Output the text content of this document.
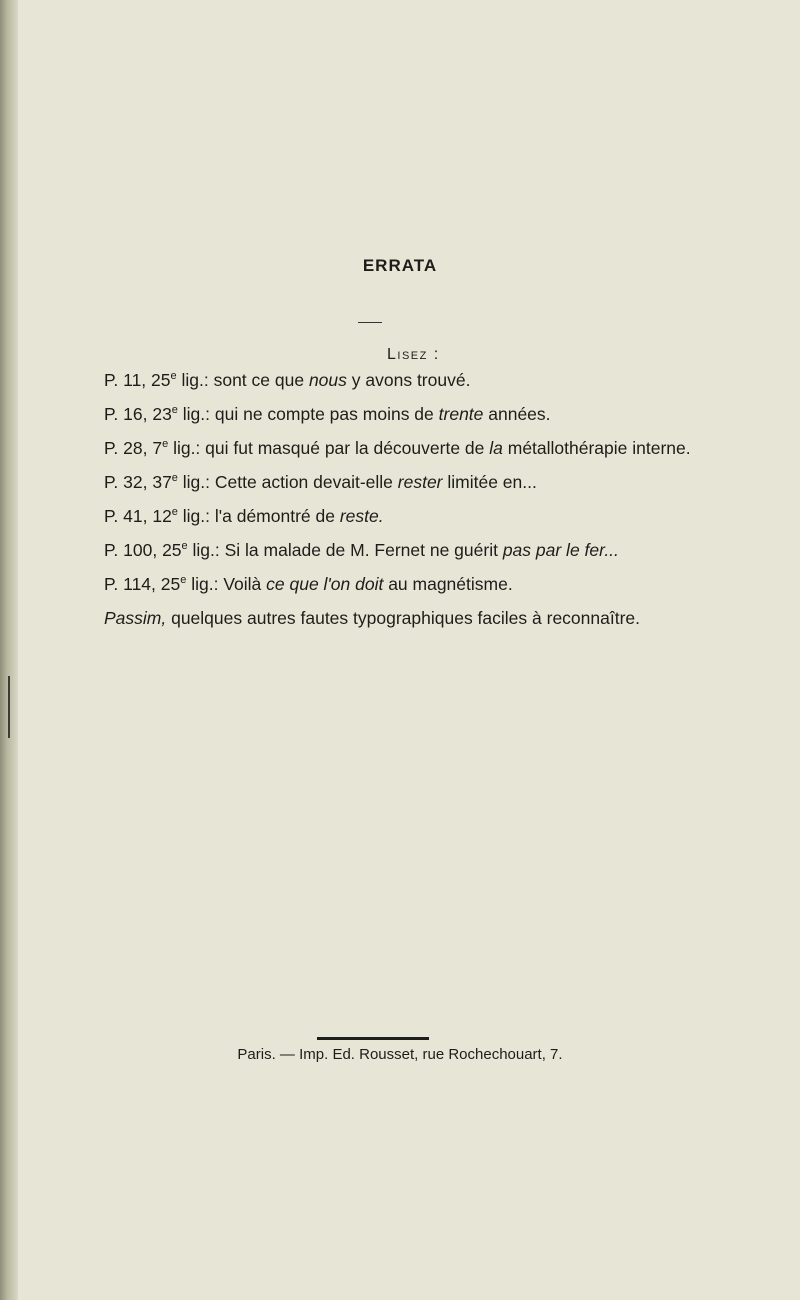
ERRATA
Lisez :

P. 11, 25e lig.: sont ce que nous y avons trouvé.

P. 16, 23e lig.: qui ne compte pas moins de trente années.

P. 28, 7e lig.: qui fut masqué par la découverte de la métallothérapie interne.

P. 32, 37e lig.: Cette action devait-elle rester limitée en...

P. 41, 12e lig.: l'a démontré de reste.

P. 100, 25e lig.: Si la malade de M. Fernet ne guérit pas par le fer...

P. 114, 25e lig.: Voilà ce que l'on doit au magnétisme.

Passim, quelques autres fautes typographiques faciles à reconnaître.

Paris. — Imp. Ed. Rousset, rue Rochechouart, 7.
